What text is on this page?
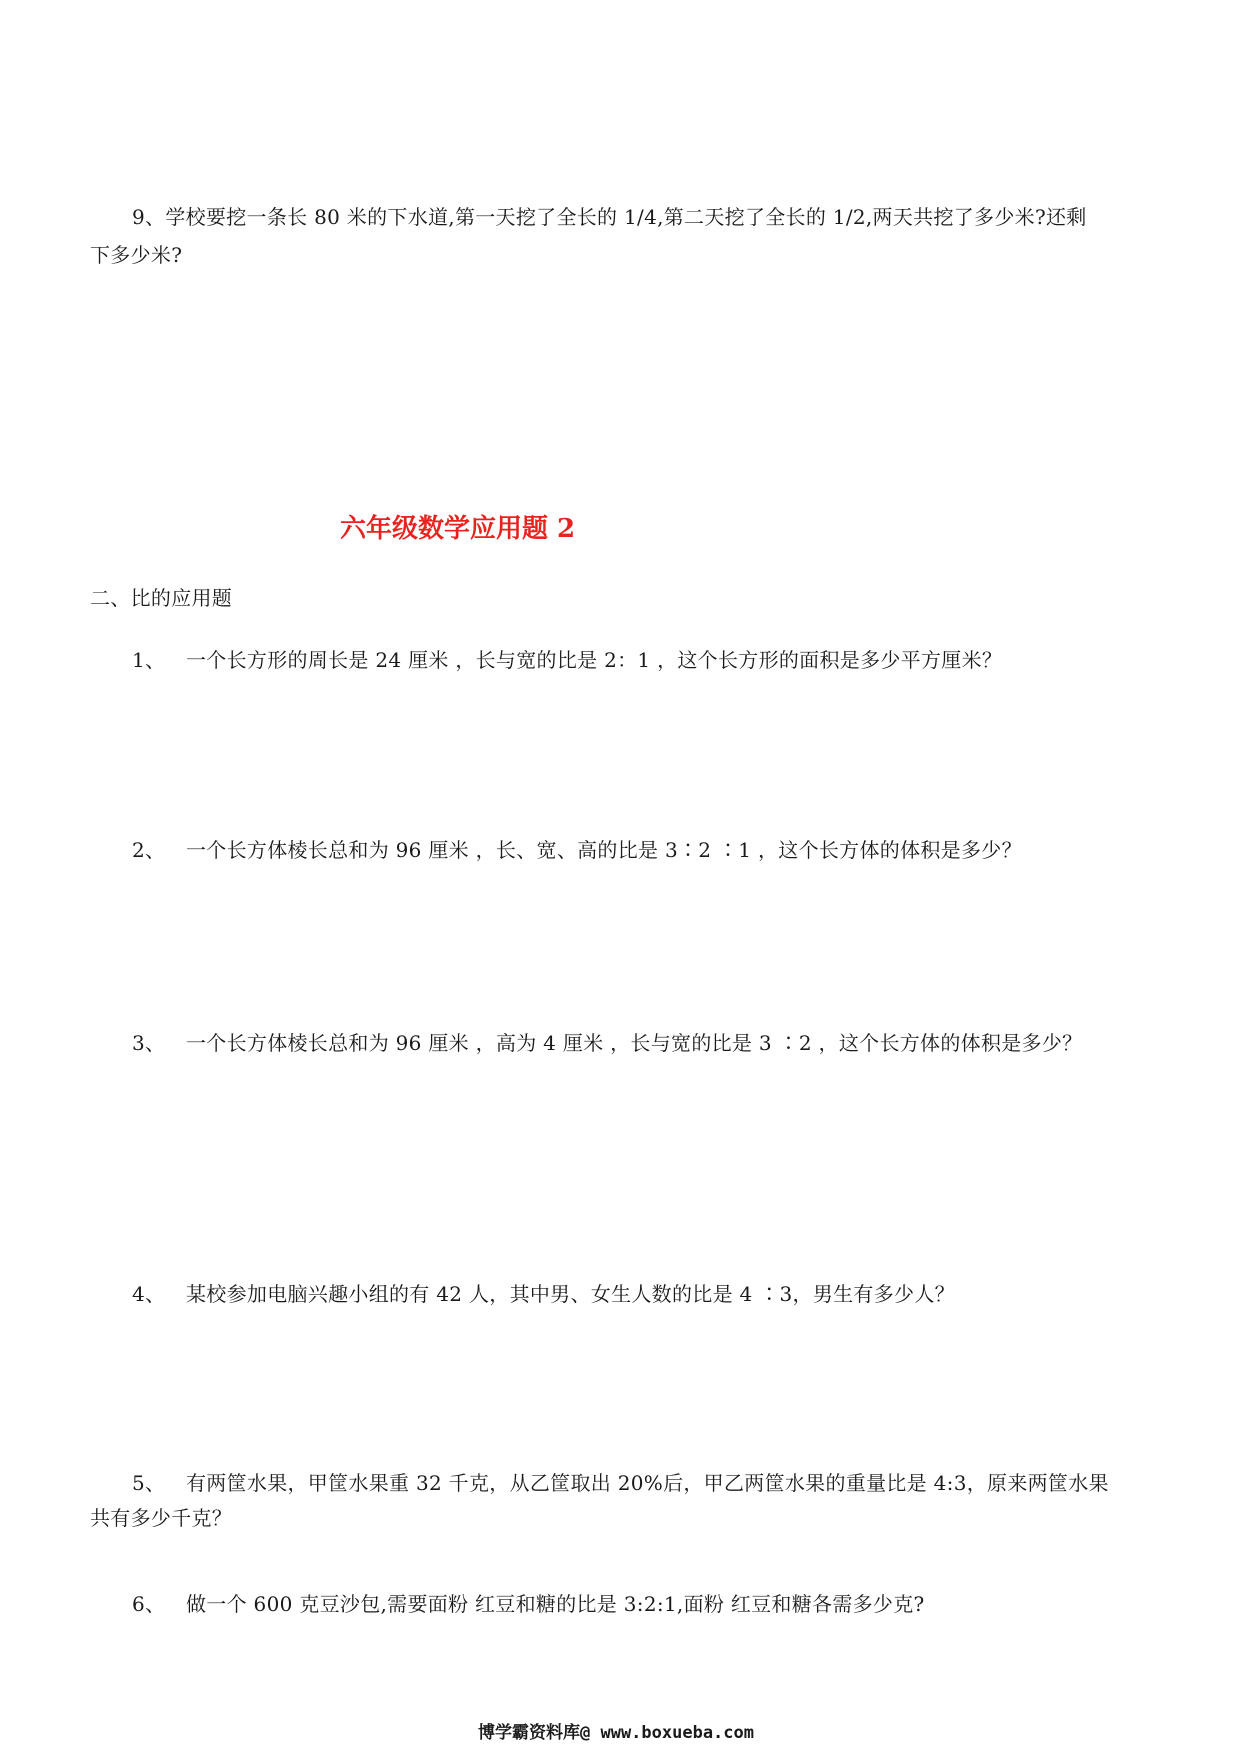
9、学校要挖一条长 80 米的下水道,第一天挖了全长的 1/4,第二天挖了全长的 1/2,两天共挖了多少米?还剩
下多少米?
六年级数学应用题 2
二、比的应用题
1、 一个长方形的周长是 24 厘米 ，长与宽的比是 2：1 ，这个长方形的面积是多少平方厘米？
2、 一个长方体棱长总和为 96 厘米 ，长、宽、高的比是 3∶2 ∶1 ，这个长方体的体积是多少？
3、 一个长方体棱长总和为 96 厘米 ，高为 4 厘米 ，长与宽的比是 3 ∶2 ，这个长方体的体积是多少？
4、 某校参加电脑兴趣小组的有 42 人，其中男、女生人数的比是 4 ∶3，男生有多少人？
5、 有两筐水果，甲筐水果重 32 千克，从乙筐取出 20%后，甲乙两筐水果的重量比是 4:3，原来两筐水果
共有多少千克？
6、 做一个 600 克豆沙包,需要面粉 红豆和糖的比是 3:2:1,面粉 红豆和糖各需多少克?
博学霸资料库@ www.boxueba.com
